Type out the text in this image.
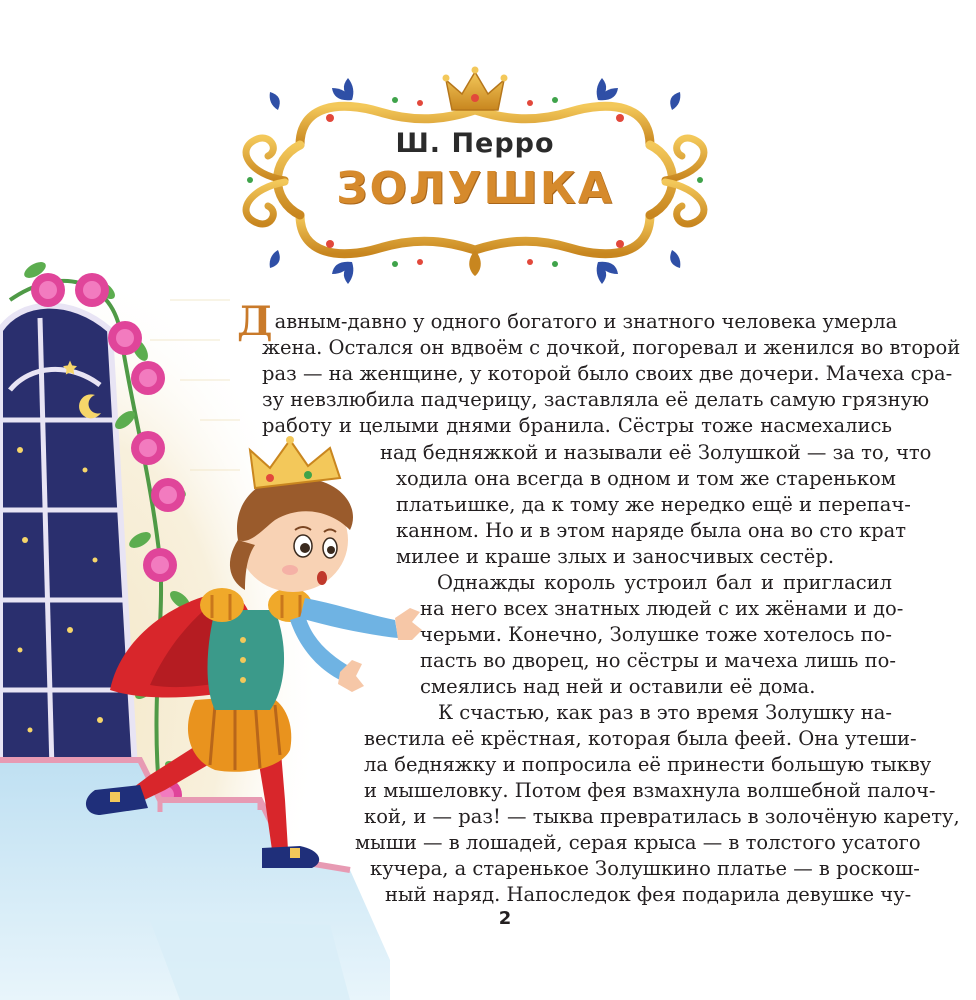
Ш. Перро
ЗОЛУШКА

Давным-давно у одного богатого и знатного человека умерла

жена. Остался он вдвоём с дочкой, погоревал и женился во второй

раз — на женщине, у которой было своих две дочери. Мачеха сра-

зу невзлюбила падчерицу, заставляла её делать самую грязную

работу и целыми днями бранила. Сёстры тоже насмехались

над бедняжкой и называли её Золушкой — за то, что

ходила она всегда в одном и том же стареньком

платьишке, да к тому же нередко ещё и перепач-

канном. Но и в этом наряде была она во сто крат

милее и краше злых и заносчивых сестёр.

Однажды король устроил бал и пригласил

на него всех знатных людей с их жёнами и до-

черьми. Конечно, Золушке тоже хотелось по-

пасть во дворец, но сёстры и мачеха лишь по-

смеялись над ней и оставили её дома.

К счастью, как раз в это время Золушку на-

вестила её крёстная, которая была феей. Она утеши-

ла бедняжку и попросила её принести большую тыкву

и мышеловку. Потом фея взмахнула волшебной палоч-

кой, и — раз! — тыква превратилась в золочёную карету,

мыши — в лошадей, серая крыса — в толстого усатого

кучера, а старенькое Золушкино платье — в роскош-

ный наряд. Напоследок фея подарила девушке чу-

2
